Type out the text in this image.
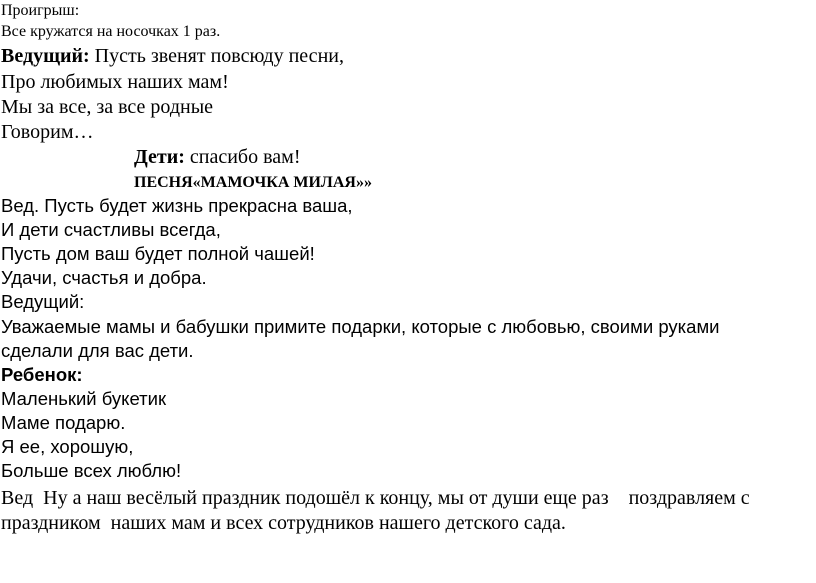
Проигрыш:
Все кружатся на носочках 1 раз.
Ведущий: Пусть звенят повсюду песни,
Про любимых наших мам!
Мы за все, за все родные
Говорим…
Дети: спасибо вам!
ПЕСНЯ«МАМОЧКА МИЛАЯ»»
Вед. Пусть будет жизнь прекрасна ваша,
И дети счастливы всегда,
Пусть дом ваш будет полной чашей!
Удачи, счастья и добра.
Ведущий:
Уважаемые мамы и бабушки примите подарки, которые с любовью, своими руками
сделали для вас дети.
Ребенок:
Маленький букетик
Маме подарю.
Я ее, хорошую,
Больше всех люблю!
Вед  Ну а наш весёлый праздник подошёл к концу, мы от души еще раз    поздравляем с
праздником  наших мам и всех сотрудников нашего детского сада.
